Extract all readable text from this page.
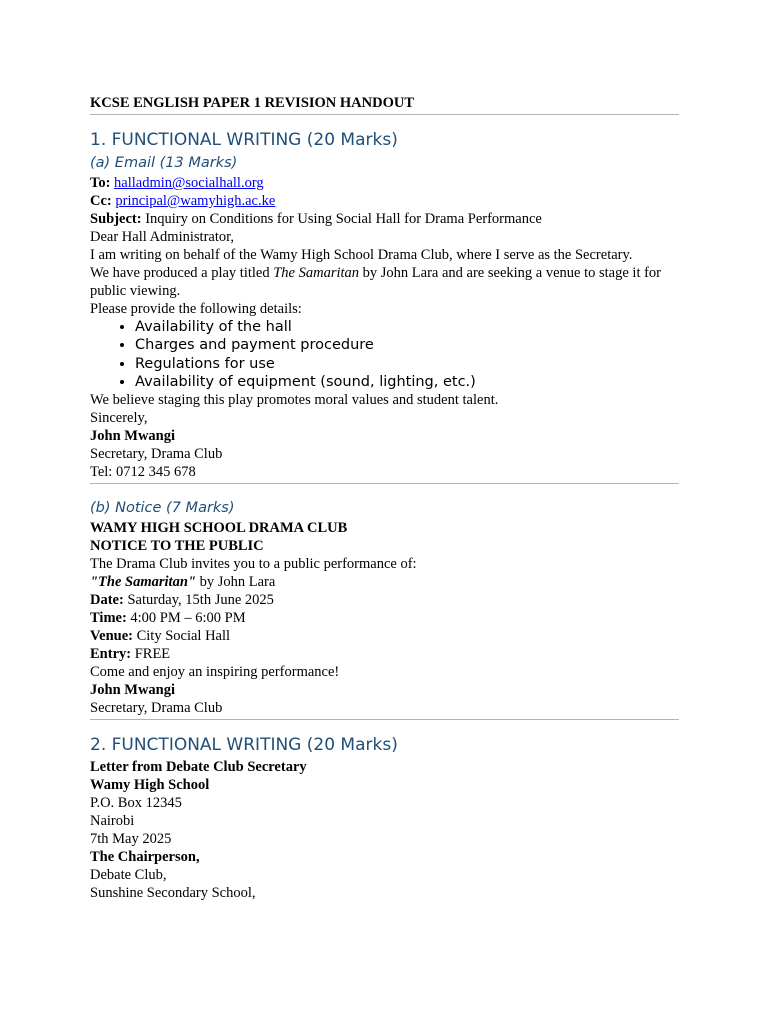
KCSE ENGLISH PAPER 1 REVISION HANDOUT
1. FUNCTIONAL WRITING (20 Marks)
(a) Email (13 Marks)
To: halladmin@socialhall.org
Cc: principal@wamyhigh.ac.ke
Subject: Inquiry on Conditions for Using Social Hall for Drama Performance
Dear Hall Administrator,
I am writing on behalf of the Wamy High School Drama Club, where I serve as the Secretary.
We have produced a play titled The Samaritan by John Lara and are seeking a venue to stage it for public viewing.
Please provide the following details:
• Availability of the hall
• Charges and payment procedure
• Regulations for use
• Availability of equipment (sound, lighting, etc.)
We believe staging this play promotes moral values and student talent.
Sincerely,
John Mwangi
Secretary, Drama Club
Tel: 0712 345 678
(b) Notice (7 Marks)
WAMY HIGH SCHOOL DRAMA CLUB
NOTICE TO THE PUBLIC
The Drama Club invites you to a public performance of:
"The Samaritan" by John Lara
Date: Saturday, 15th June 2025
Time: 4:00 PM – 6:00 PM
Venue: City Social Hall
Entry: FREE
Come and enjoy an inspiring performance!
John Mwangi
Secretary, Drama Club
2. FUNCTIONAL WRITING (20 Marks)
Letter from Debate Club Secretary
Wamy High School
P.O. Box 12345
Nairobi
7th May 2025
The Chairperson,
Debate Club,
Sunshine Secondary School,
